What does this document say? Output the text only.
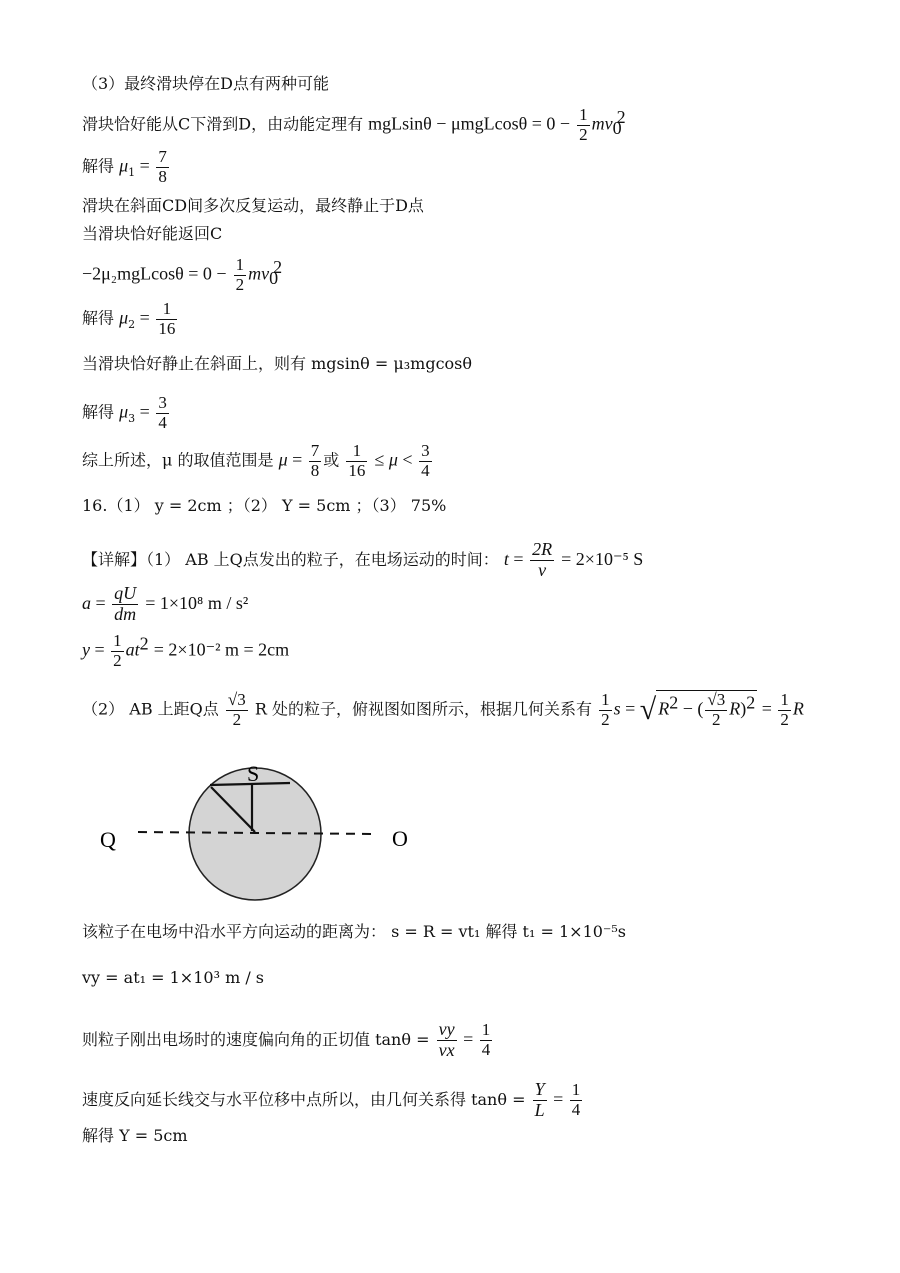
（3）最终滑块停在D点有两种可能
滑块恰好能从C下滑到D，由动能定理有 $mgLsin\theta - \mu mgLcos\theta = 0 - \frac{1}{2} mv_0^2$
解得 $\mu_1 = \frac{7}{8}$
滑块在斜面CD间多次反复运动，最终静止于D点
当滑块恰好能返回C
$-2\mu_2mgLcos\theta = 0 - \frac{1}{2} mv_0^2$
解得 $\mu_2 = \frac{1}{16}$
当滑块恰好静止在斜面上，则有 mgsinθ = μ₃mgcosθ
解得 $\mu_3 = \frac{3}{4}$
综上所述，μ 的取值范围是 $\mu = \frac{7}{8}$ 或 $\frac{1}{16} \le \mu < \frac{3}{4}$
16.（1） y = 2cm ；（2） Y = 5cm ；（3） 75%
【详解】（1） AB 上Q点发出的粒子，在电场运动的时间： $t = \frac{2R}{v} = 2\times 10^{-5}$ S
$a = \frac{qU}{dm} = 1\times 10^8$ m / s²
$y = \frac{1}{2} at^2 = 2\times 10^{-2}$ m = 2cm
（2） AB 上距Q点 $\frac{√3}{2}$ R 处的粒子，俯视图如图所示，根据几何关系有 $\frac{1}{2}$ s = √ $R^2$ − ( $\frac{√3}{2} R)^2 = \frac{1}{2}$ R
S
Q	O
该粒子在电场中沿水平方向运动的距离为： s = R = vt₁ 解得 t₁ = 1×10⁻⁵s
vy = at₁ = 1×10³ m / s
则粒子刚出电场时的速度偏向角的正切值 $\tan\theta = \frac{vy}{vx} = \frac{1}{4}$
速度反向延长线交与水平位移中点所以，由几何关系得 $\tan\theta = \frac{Y}{L} = \frac{1}{4}$
解得 Y = 5cm
